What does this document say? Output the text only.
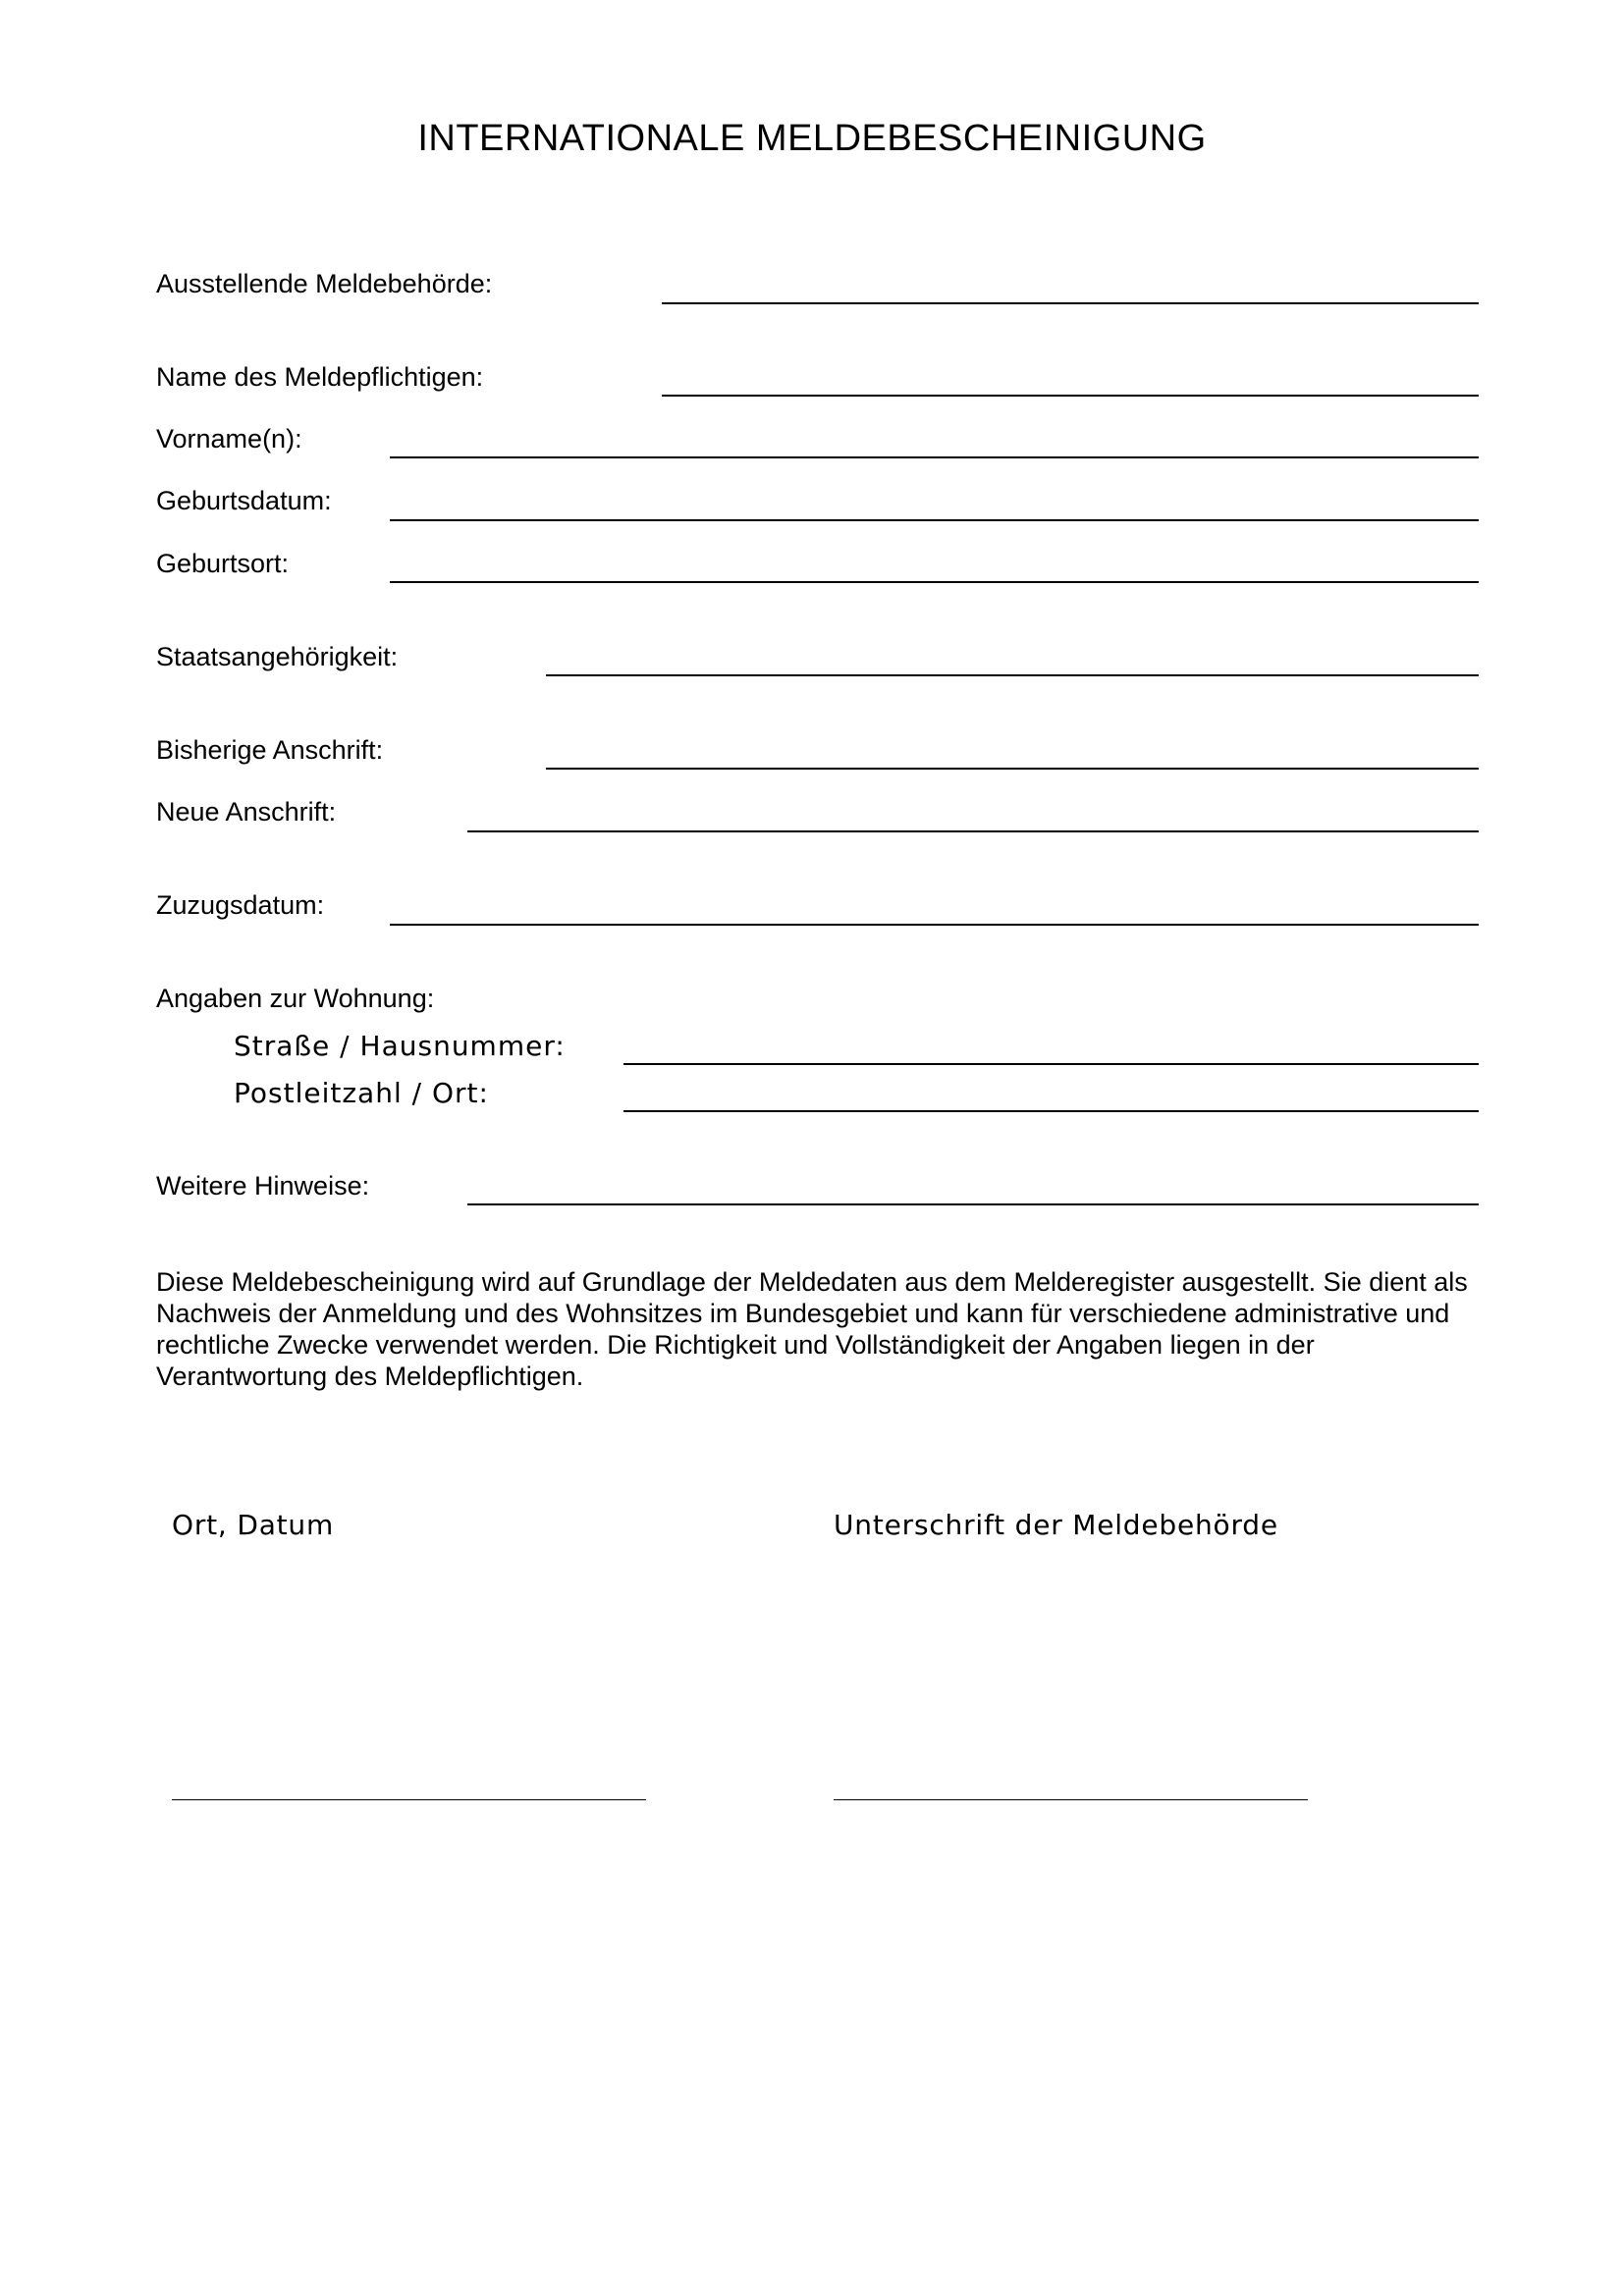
INTERNATIONALE MELDEBESCHEINIGUNG
Ausstellende Meldebehörde:
Name des Meldepflichtigen:
Vorname(n):
Geburtsdatum:
Geburtsort:
Staatsangehörigkeit:
Bisherige Anschrift:
Neue Anschrift:
Zuzugsdatum:
Angaben zur Wohnung:
Straße / Hausnummer:
Postleitzahl / Ort:
Weitere Hinweise:
Diese Meldebescheinigung wird auf Grundlage der Meldedaten aus dem Melderegister ausgestellt. Sie dient als Nachweis der Anmeldung und des Wohnsitzes im Bundesgebiet und kann für verschiedene administrative und rechtliche Zwecke verwendet werden. Die Richtigkeit und Vollständigkeit der Angaben liegen in der Verantwortung des Meldepflichtigen.
Ort, Datum	Unterschrift der Meldebehörde
